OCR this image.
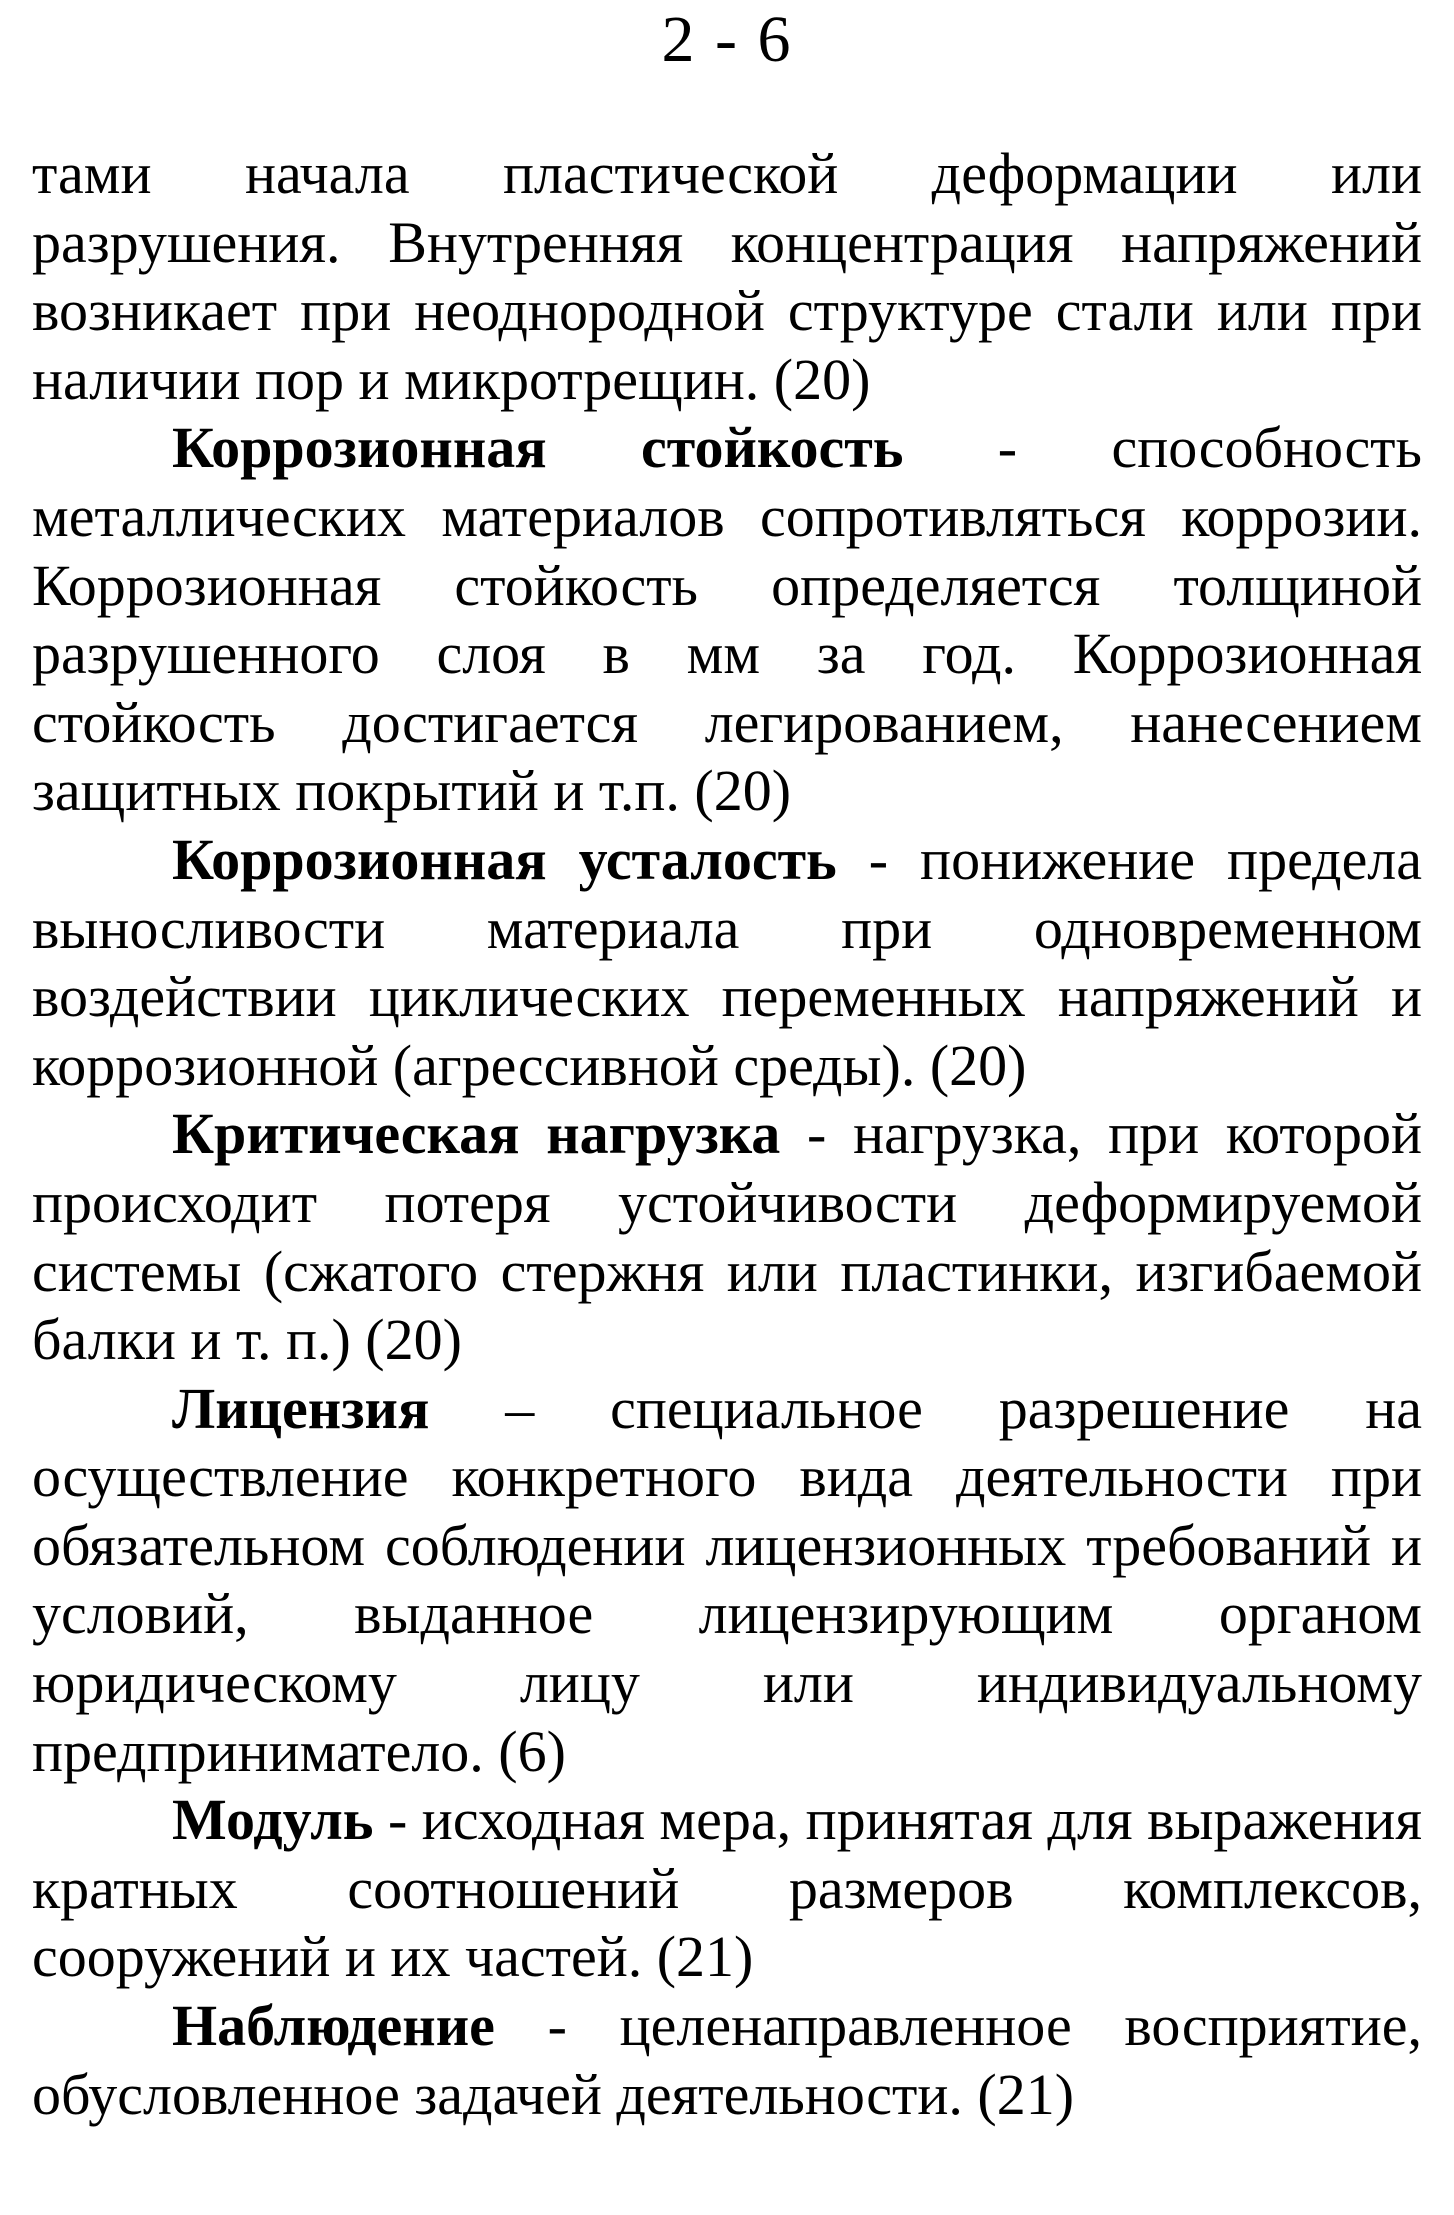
2 - 6

тами начала пластической деформации или разрушения. Внутренняя концентрация напряжений возникает при неоднородной структуре стали или при наличии пор и микротрещин. (20)

Коррозионная стойкость - способность металлических материалов сопротивляться коррозии. Коррозионная стойкость определяется толщиной разрушенного слоя в мм за год. Коррозионная стойкость достигается легированием, нанесением защитных покрытий и т.п. (20)

Коррозионная усталость - понижение предела выносливости материала при одновременном воздействии циклических переменных напряжений и коррозионной (агрессивной среды). (20)

Критическая нагрузка - нагрузка, при которой происходит потеря устойчивости деформируемой системы (сжатого стержня или пластинки, изгибаемой балки и т. п.) (20)

Лицензия – специальное разрешение на осуществление конкретного вида деятельности при обязательном соблюдении лицензионных требований и условий, выданное лицензирующим органом юридическому лицу или индивидуальному предприниматело. (6)

Модуль - исходная мера, принятая для выражения кратных соотношений размеров комплексов, сооружений и их частей. (21)

Наблюдение - целенаправленное восприятие, обусловленное задачей деятельности. (21)
